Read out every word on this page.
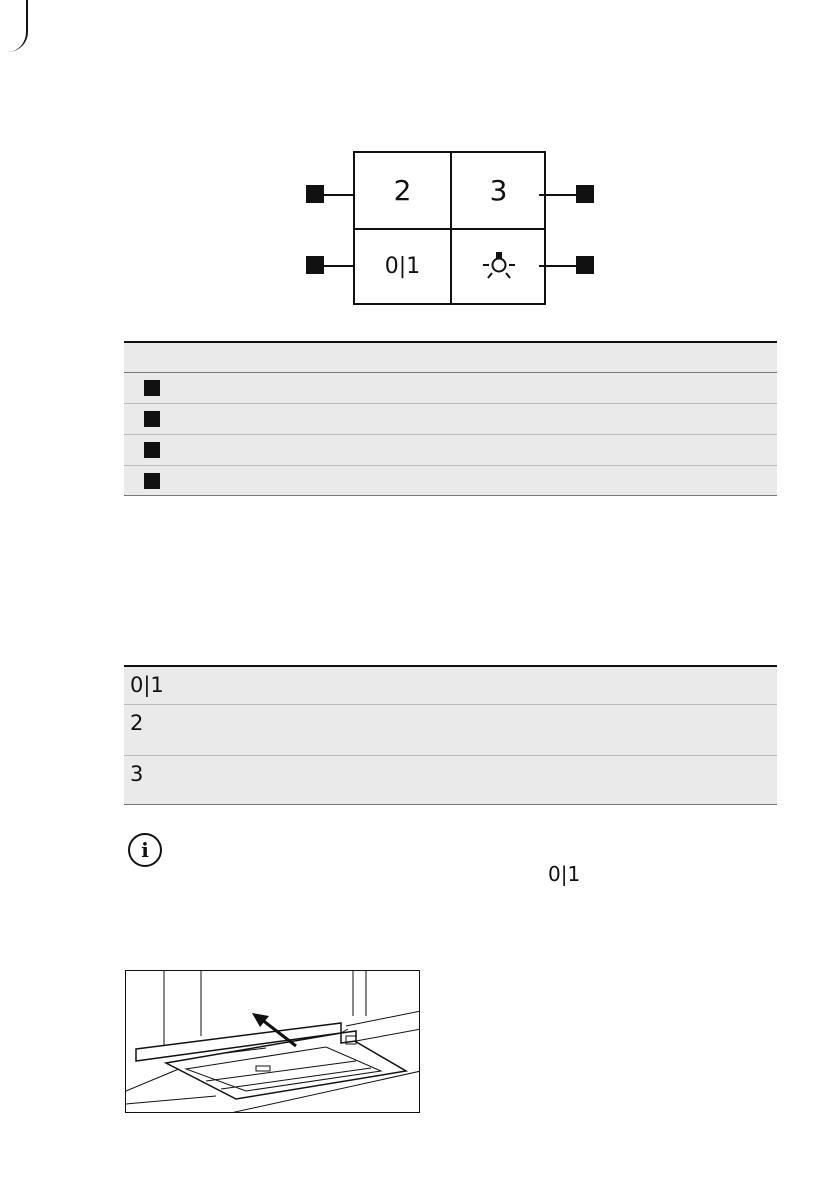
2	3
0|1
0|1
2
3
i
0|1
